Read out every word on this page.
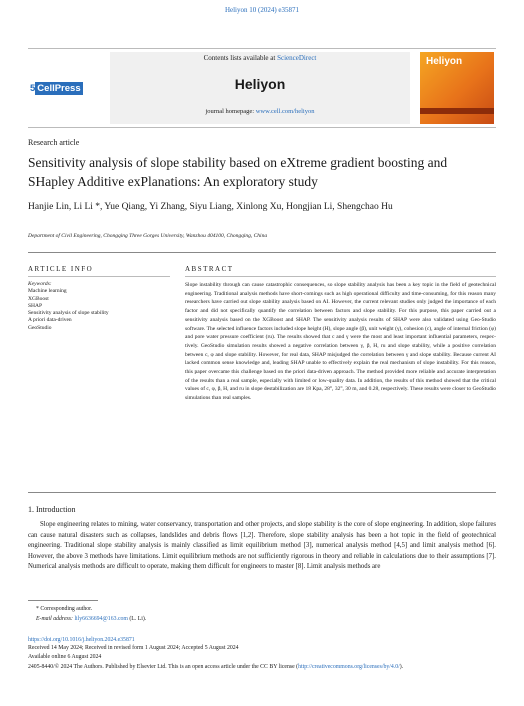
Heliyon 10 (2024) e35871
5 CellPress
Contents lists available at ScienceDirect
Heliyon
journal homepage: www.cell.com/heliyon
Heliyon
Research article
Sensitivity analysis of slope stability based on eXtreme gradient boosting and SHapley Additive exPlanations: An exploratory study
Hanjie Lin, Li Li *, Yue Qiang, Yi Zhang, Siyu Liang, Xinlong Xu, Hongjian Li, Shengchao Hu
Department of Civil Engineering, Chongqing Three Gorges University, Wanzhou 404100, Chongqing, China
ARTICLE INFO	ABSTRACT
Keywords:
Machine learning
XGBoost
SHAP
Sensitivity analysis of slope stability
A priori data-driven
GeoStudio
Slope instability through can cause catastrophic consequences, so slope stability analysis has been a key topic in the field of geotechnical engineering. Traditional analysis methods have short-comings such as high operational difficulty and time-consuming, for this reason many researchers have carried out slope stability analysis based on AI. However, the current relevant studies only judged the importance of each factor and did not specifically quantify the correlation between factors and slope stability. For this purpose, this paper carried out a sensitivity analysis based on the XGBoost and SHAP. The sensitivity analysis results of SHAP were also validated using Geo-Studio software. The selected influence factors included slope height (H), slope angle (β), unit weight (γ), cohesion (c), angle of internal friction (φ) and pore water pressure coefficient (ru). The results showed that c and γ were the most and least important influential parameters, respec-tively. GeoStudio simulation results showed a negative correlation between γ, β, H, ru and slope stability, while a positive correlation between c, φ and slope stability. However, for real data, SHAP misjudged the correlation between γ and slope stability. Because current AI lacked common sense knowledge and, leading SHAP unable to effectively explain the real mechanism of slope instability. For this reason, this paper overcame this challenge based on the priori data-driven approach. The method provided more reliable and accurate interpretation of the results than a real sample, especially with limited or low-quality data. In addition, the results of this method showed that the critical values of c, φ, β, H, and ru in slope destabilization are 18 Kpa, 28°, 32°, 30 m, and 0.28, respectively. These results were closer to GeoStudio simulations than real samples.
1. Introduction
Slope engineering relates to mining, water conservancy, transportation and other projects, and slope stability is the core of slope engineering. In addition, slope failures can cause natural disasters such as collapses, landslides and debris flows [1,2]. Therefore, slope stability analysis has been a hot topic in the field of geotechnical engineering. Traditional slope stability analysis is mainly classified as limit equilibrium method [3], numerical analysis method [4,5] and limit analysis method [6]. However, the above 3 methods have limitations. Limit equilibrium methods are not sufficiently rigorous in theory and reliable in calculations due to their assumptions [7]. Numerical analysis methods are difficult to operate, making them difficult for engineers to master [8]. Limit analysis methods are
* Corresponding author.
E-mail address: lily6636694@163.com (L. Li).
https://doi.org/10.1016/j.heliyon.2024.e35871
Received 14 May 2024; Received in revised form 1 August 2024; Accepted 5 August 2024
Available online 6 August 2024
2405-8440/© 2024 The Authors. Published by Elsevier Ltd. This is an open access article under the CC BY license (http://creativecommons.org/licenses/by/4.0/).
